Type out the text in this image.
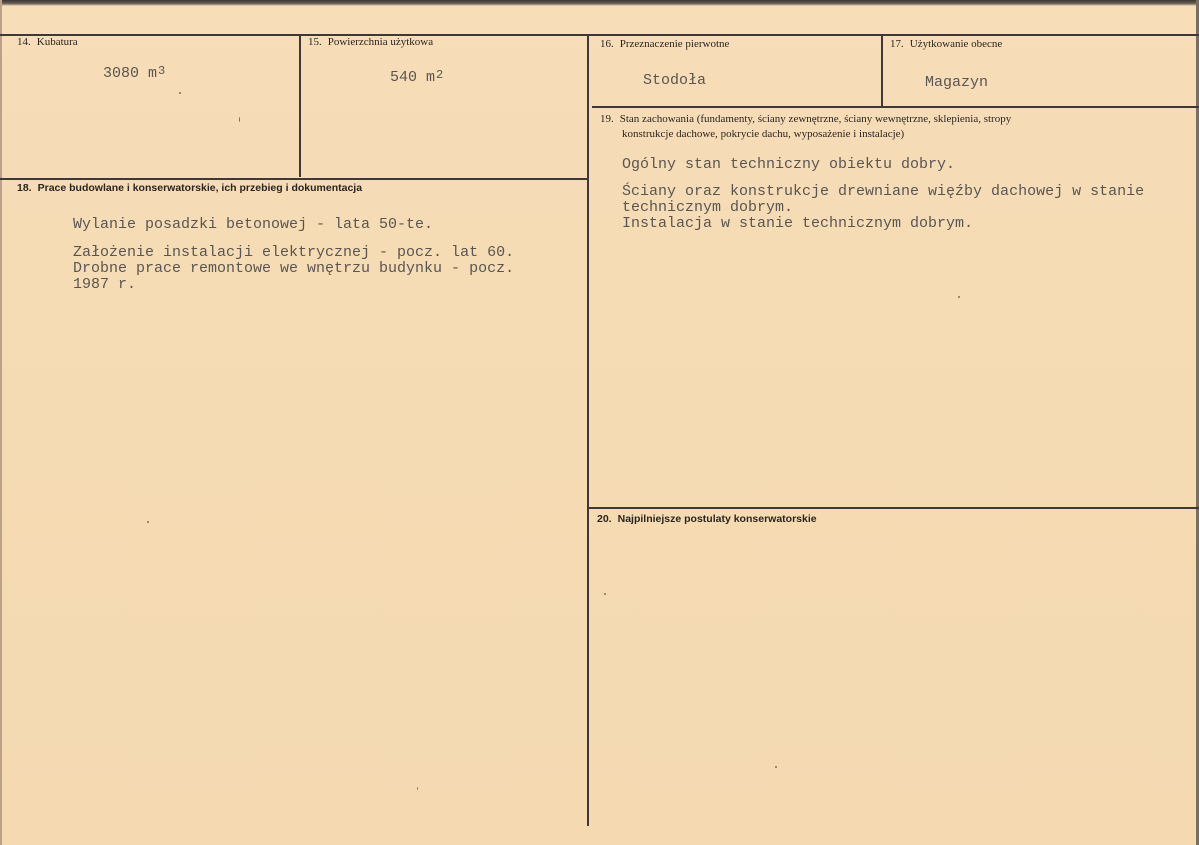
14. Kubatura
3080 $m^3$
15. Powierzchnia użytkowa
540 $m^2$
16. Przeznaczenie pierwotne
Stodoła
17. Użytkowanie obecne
Magazyn
18. Prace budowlane i konserwatorskie, ich przebieg i dokumentacja
Wylanie posadzki betonowej - lata 50-te.
Założenie instalacji elektrycznej - pocz. lat 60.
Drobne prace remontowe we wnętrzu budynku - pocz.
1987 r.
19. Stan zachowania (fundamenty, ściany zewnętrzne, ściany wewnętrzne, sklepienia, stropy
konstrukcje dachowe, pokrycie dachu, wyposażenie i instalacje)
Ogólny stan techniczny obiektu dobry.
Ściany oraz konstrukcje drewniane więźby dachowej w stanie
technicznym dobrym.
Instalacja w stanie technicznym dobrym.
20. Najpilniejsze postulaty konserwatorskie
